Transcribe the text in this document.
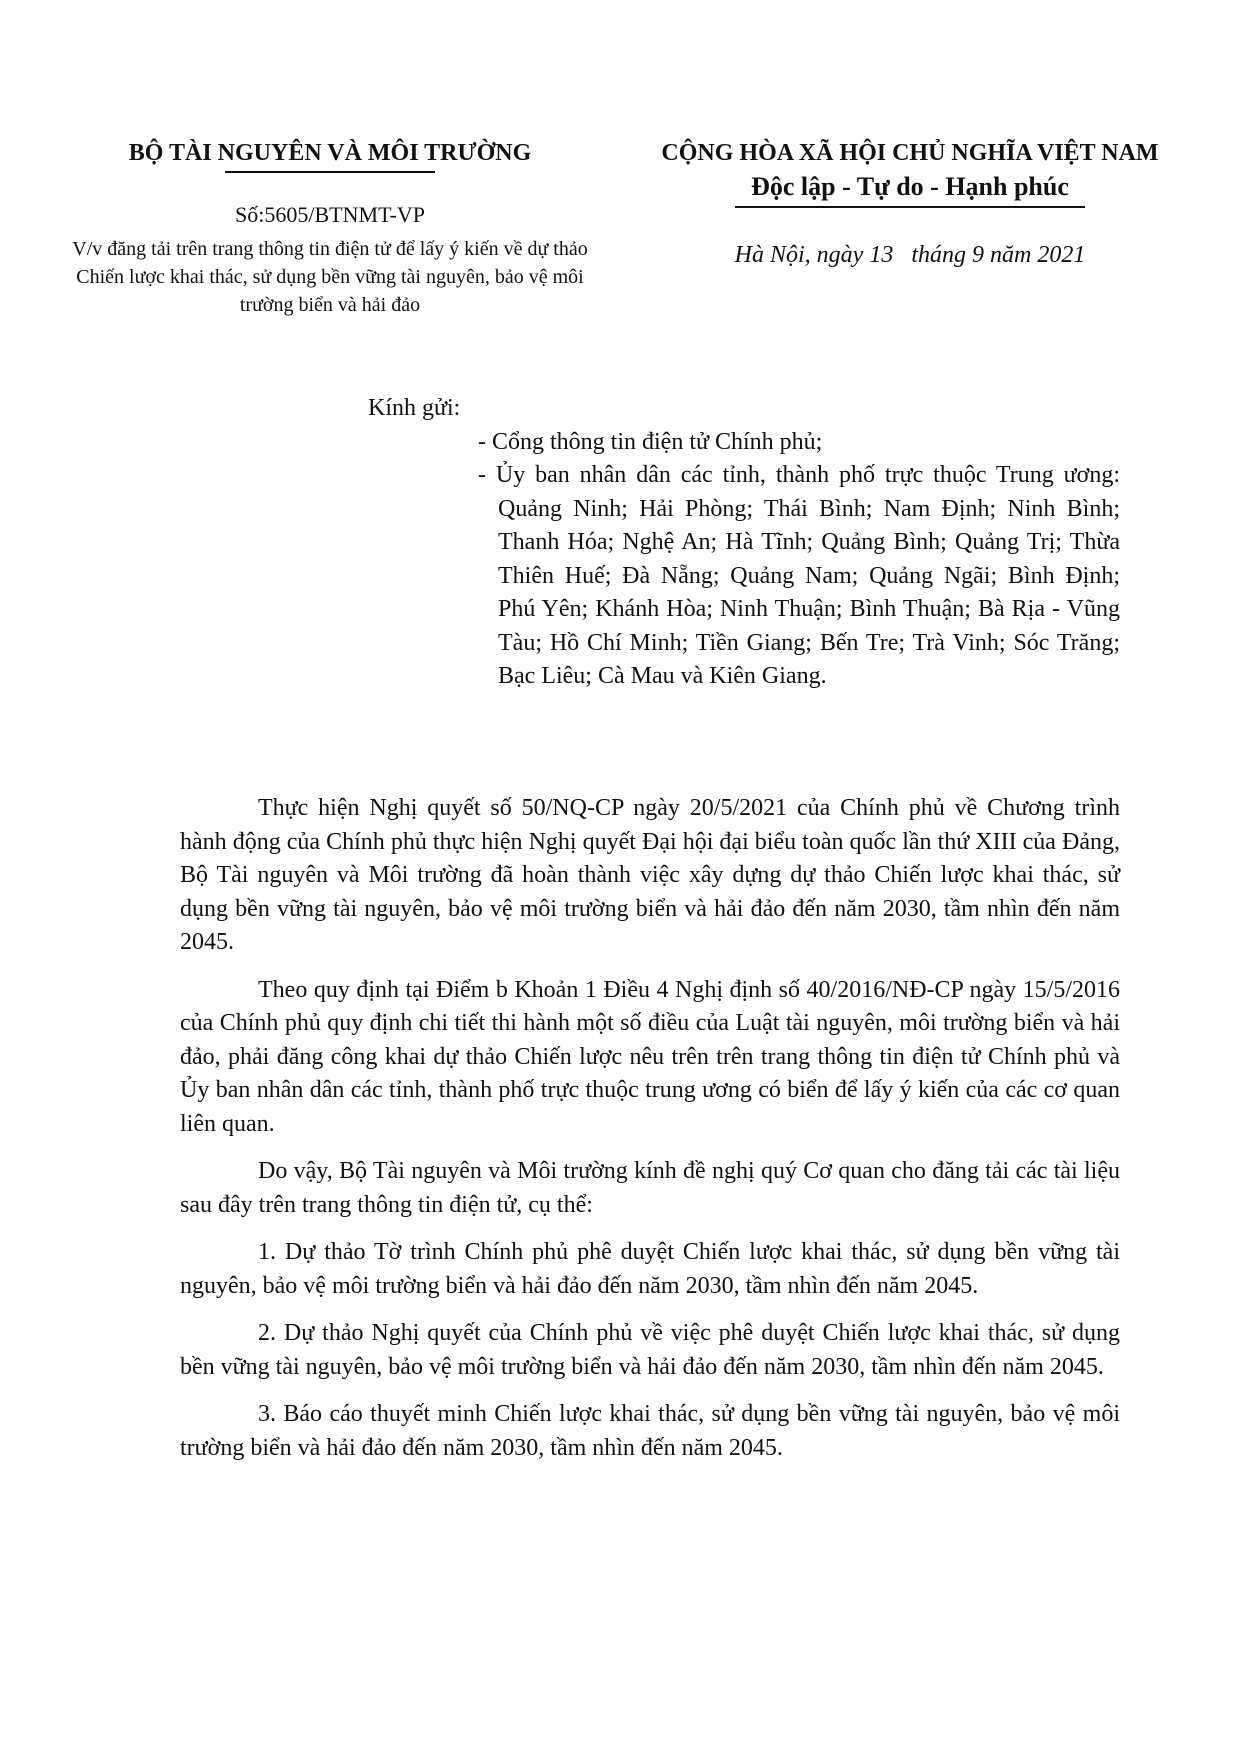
BỘ TÀI NGUYÊN VÀ MÔI TRƯỜNG

Số:5605/BTNMT-VP
V/v đăng tải trên trang thông tin điện tử để lấy ý kiến về dự thảo Chiến lược khai thác, sử dụng bền vững tài nguyên, bảo vệ môi trường biển và hải đảo

CỘNG HÒA XÃ HỘI CHỦ NGHĨA VIỆT NAM

Độc lập - Tự do - Hạnh phúc

Hà Nội, ngày 13   tháng 9 năm 2021
Kính gửi:
- Cổng thông tin điện tử Chính phủ;
- Ủy ban nhân dân các tỉnh, thành phố trực thuộc Trung ương: Quảng Ninh; Hải Phòng; Thái Bình; Nam Định; Ninh Bình; Thanh Hóa; Nghệ An; Hà Tĩnh; Quảng Bình; Quảng Trị; Thừa Thiên Huế; Đà Nẵng; Quảng Nam; Quảng Ngãi; Bình Định; Phú Yên; Khánh Hòa; Ninh Thuận; Bình Thuận; Bà Rịa - Vũng Tàu; Hồ Chí Minh; Tiền Giang; Bến Tre; Trà Vinh; Sóc Trăng; Bạc Liêu; Cà Mau và Kiên Giang.

Thực hiện Nghị quyết số 50/NQ-CP ngày 20/5/2021 của Chính phủ về Chương trình hành động của Chính phủ thực hiện Nghị quyết Đại hội đại biểu toàn quốc lần thứ XIII của Đảng, Bộ Tài nguyên và Môi trường đã hoàn thành việc xây dựng dự thảo Chiến lược khai thác, sử dụng bền vững tài nguyên, bảo vệ môi trường biển và hải đảo đến năm 2030, tầm nhìn đến năm 2045.

Theo quy định tại Điểm b Khoản 1 Điều 4 Nghị định số 40/2016/NĐ-CP ngày 15/5/2016 của Chính phủ quy định chi tiết thi hành một số điều của Luật tài nguyên, môi trường biển và hải đảo, phải đăng công khai dự thảo Chiến lược nêu trên trên trang thông tin điện tử Chính phủ và Ủy ban nhân dân các tỉnh, thành phố trực thuộc trung ương có biển để lấy ý kiến của các cơ quan liên quan.

Do vậy, Bộ Tài nguyên và Môi trường kính đề nghị quý Cơ quan cho đăng tải các tài liệu sau đây trên trang thông tin điện tử, cụ thể:

1. Dự thảo Tờ trình Chính phủ phê duyệt Chiến lược khai thác, sử dụng bền vững tài nguyên, bảo vệ môi trường biển và hải đảo đến năm 2030, tầm nhìn đến năm 2045.

2. Dự thảo Nghị quyết của Chính phủ về việc phê duyệt Chiến lược khai thác, sử dụng bền vững tài nguyên, bảo vệ môi trường biển và hải đảo đến năm 2030, tầm nhìn đến năm 2045.

3. Báo cáo thuyết minh Chiến lược khai thác, sử dụng bền vững tài nguyên, bảo vệ môi trường biển và hải đảo đến năm 2030, tầm nhìn đến năm 2045.
